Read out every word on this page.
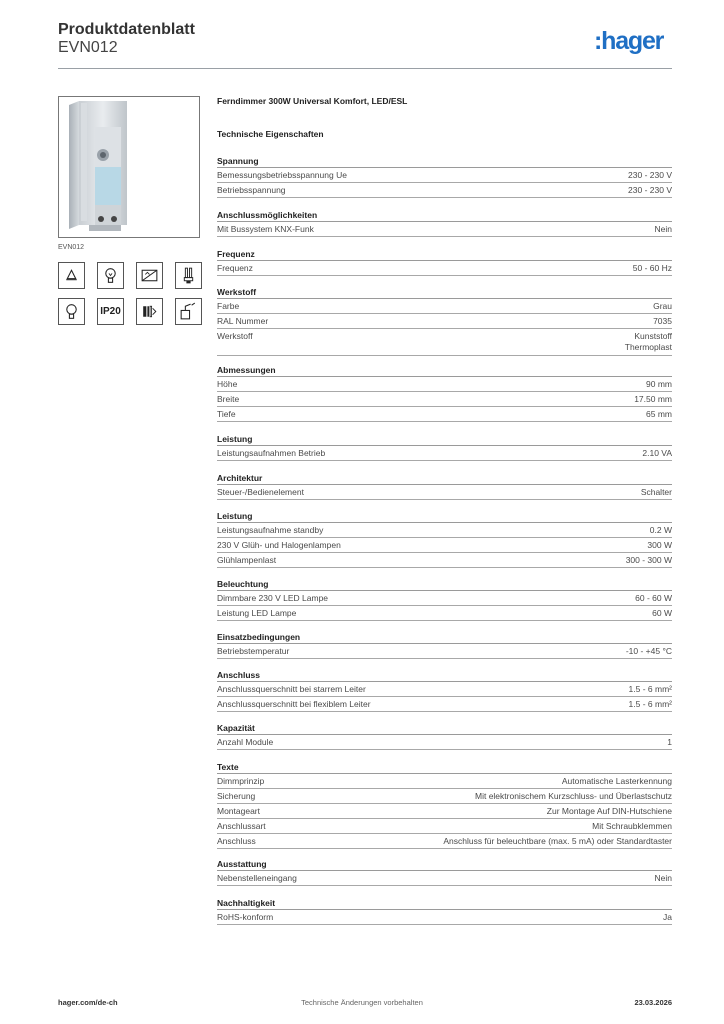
Produktdatenblatt
EVN012	:hager
EVN012
IP20
Ferndimmer 300W Universal Komfort, LED/ESL
Technische Eigenschaften
Spannung
Bemessungsbetriebsspannung Ue	230 - 230 V
Betriebsspannung	230 - 230 V
Anschlussmöglichkeiten
Mit Bussystem KNX-Funk	Nein
Frequenz
Frequenz	50 - 60 Hz
Werkstoff
Farbe	Grau
RAL Nummer	7035
Werkstoff	Kunststoff
Thermoplast
Abmessungen
Höhe	90 mm
Breite	17.50 mm
Tiefe	65 mm
Leistung
Leistungsaufnahmen Betrieb	2.10 VA
Architektur
Steuer-/Bedienelement	Schalter
Leistung
Leistungsaufnahme standby	0.2 W
230 V Glüh- und Halogenlampen	300 W
Glühlampenlast	300 - 300 W
Beleuchtung
Dimmbare 230 V LED Lampe	60 - 60 W
Leistung LED Lampe	60 W
Einsatzbedingungen
Betriebstemperatur	-10 - +45 °C
Anschluss
Anschlussquerschnitt bei starrem Leiter	1.5 - 6 mm²
Anschlussquerschnitt bei flexiblem Leiter	1.5 - 6 mm²
Kapazität
Anzahl Module	1
Texte
Dimmprinzip	Automatische Lasterkennung
Sicherung	Mit elektronischem Kurzschluss- und Überlastschutz
Montageart	Zur Montage Auf DIN-Hutschiene
Anschlussart	Mit Schraubklemmen
Anschluss	Anschluss für beleuchtbare (max. 5 mA) oder Standardtaster
Ausstattung
Nebenstelleneingang	Nein
Nachhaltigkeit
RoHS-konform	Ja
Technische Änderungen vorbehalten
hager.com/de-ch	23.03.2026
